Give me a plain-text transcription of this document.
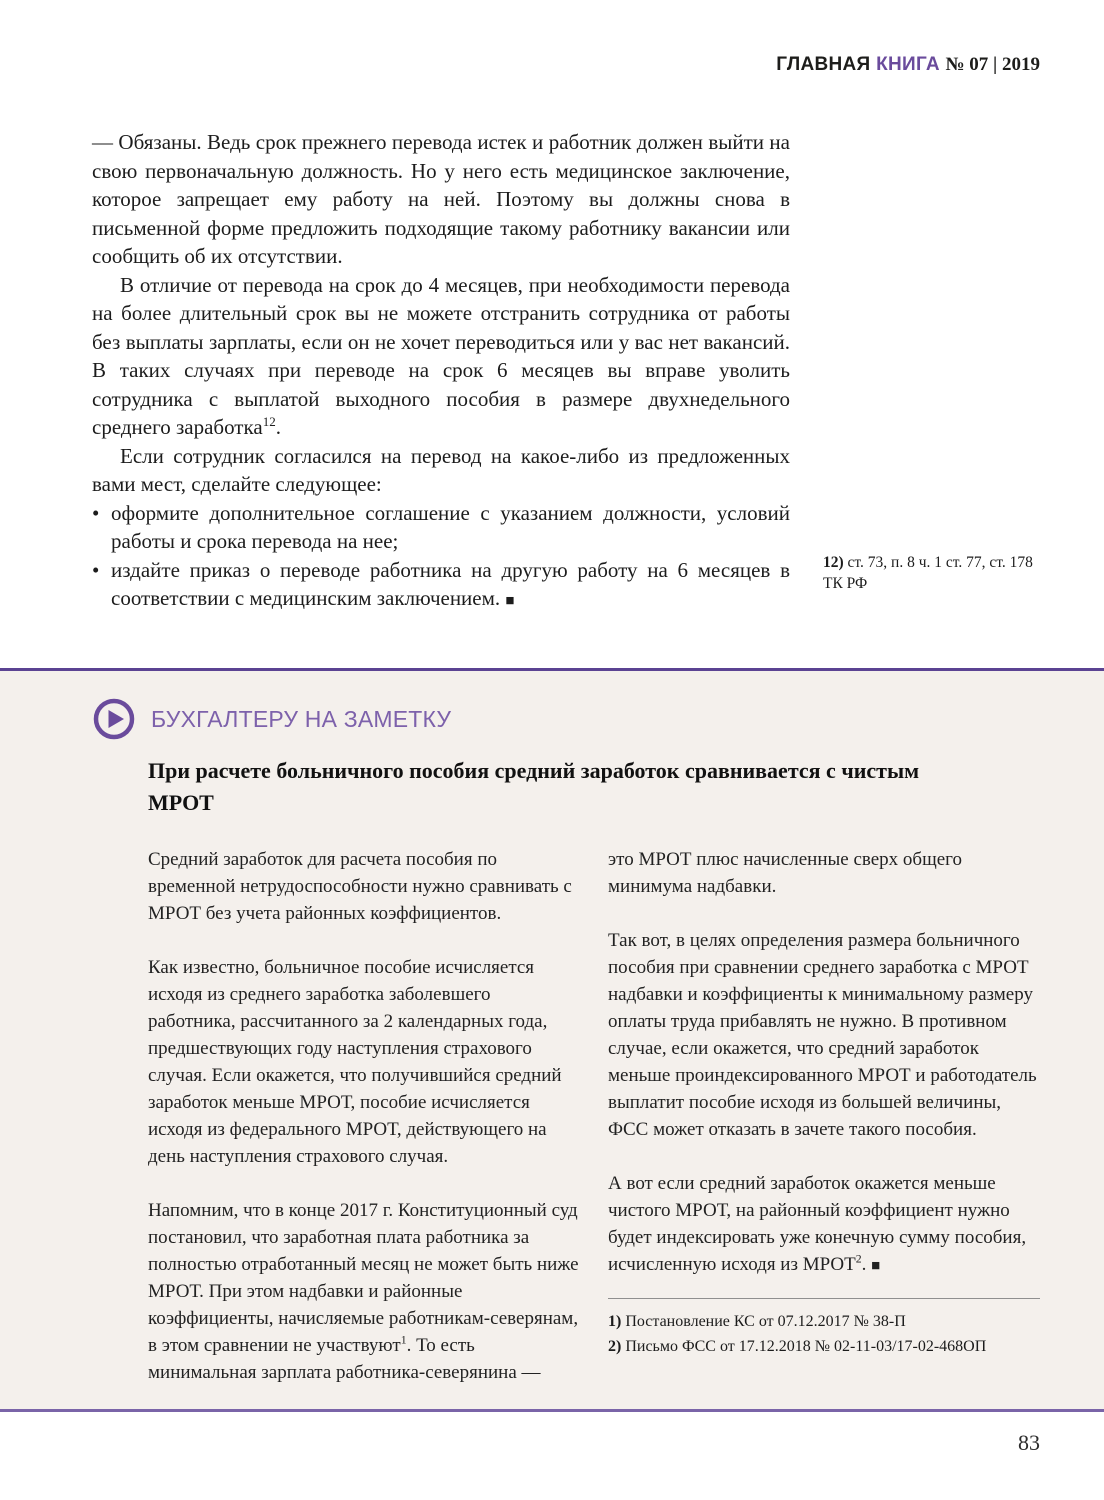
ГЛАВНАЯ КНИГА № 07 | 2019

— Обязаны. Ведь срок прежнего перевода истек и работник должен выйти на свою первоначальную должность. Но у него есть медицинское заключение, которое запрещает ему работу на ней. Поэтому вы должны снова в письменной форме предложить подходящие такому работнику вакансии или сообщить об их отсутствии.

В отличие от перевода на срок до 4 месяцев, при необходимости перевода на более длительный срок вы не можете отстранить сотрудника от работы без выплаты зарплаты, если он не хочет переводиться или у вас нет вакансий. В таких случаях при переводе на срок 6 месяцев вы вправе уволить сотрудника с выплатой выходного пособия в размере двухнедельного среднего заработка$^{12}$.

Если сотрудник согласился на перевод на какое-либо из предложенных вами мест, сделайте следующее:

• оформите дополнительное соглашение с указанием должности, условий работы и срока перевода на нее;
• издайте приказ о переводе работника на другую работу на 6 месяцев в соответствии с медицинским заключением. ■
12) ст. 73, п. 8 ч. 1 ст. 77, ст. 178 ТК РФ
БУХГАЛТЕРУ НА ЗАМЕТКУ
При расчете больничного пособия средний заработок сравнивается с чистым МРОТ

Средний заработок для расчета пособия по временной нетрудоспособности нужно сравнивать с МРОТ без учета районных коэффициентов.

Как известно, больничное пособие исчисляется исходя из среднего заработка заболевшего работника, рассчитанного за 2 календарных года, предшествующих году наступления страхового случая. Если окажется, что получившийся средний заработок меньше МРОТ, пособие исчисляется исходя из федерального МРОТ, действующего на день наступления страхового случая.

Напомним, что в конце 2017 г. Конституционный суд постановил, что заработная плата работника за полностью отработанный месяц не может быть ниже МРОТ. При этом надбавки и районные коэффициенты, начисляемые работникам-северянам, в этом сравнении не участвуют$^1$. То есть минимальная зарплата работника-северянина —

это МРОТ плюс начисленные сверх общего минимума надбавки.

Так вот, в целях определения размера больничного пособия при сравнении среднего заработка с МРОТ надбавки и коэффициенты к минимальному размеру оплаты труда прибавлять не нужно. В противном случае, если окажется, что средний заработок меньше проиндексированного МРОТ и работодатель выплатит пособие исходя из большей величины, ФСС может отказать в зачете такого пособия.

А вот если средний заработок окажется меньше чистого МРОТ, на районный коэффициент нужно будет индексировать уже конечную сумму пособия, исчисленную исходя из МРОТ$^2$. ■

1) Постановление КС от 07.12.2017 № 38-П
2) Письмо ФСС от 17.12.2018 № 02-11-03/17-02-468ОП
83
